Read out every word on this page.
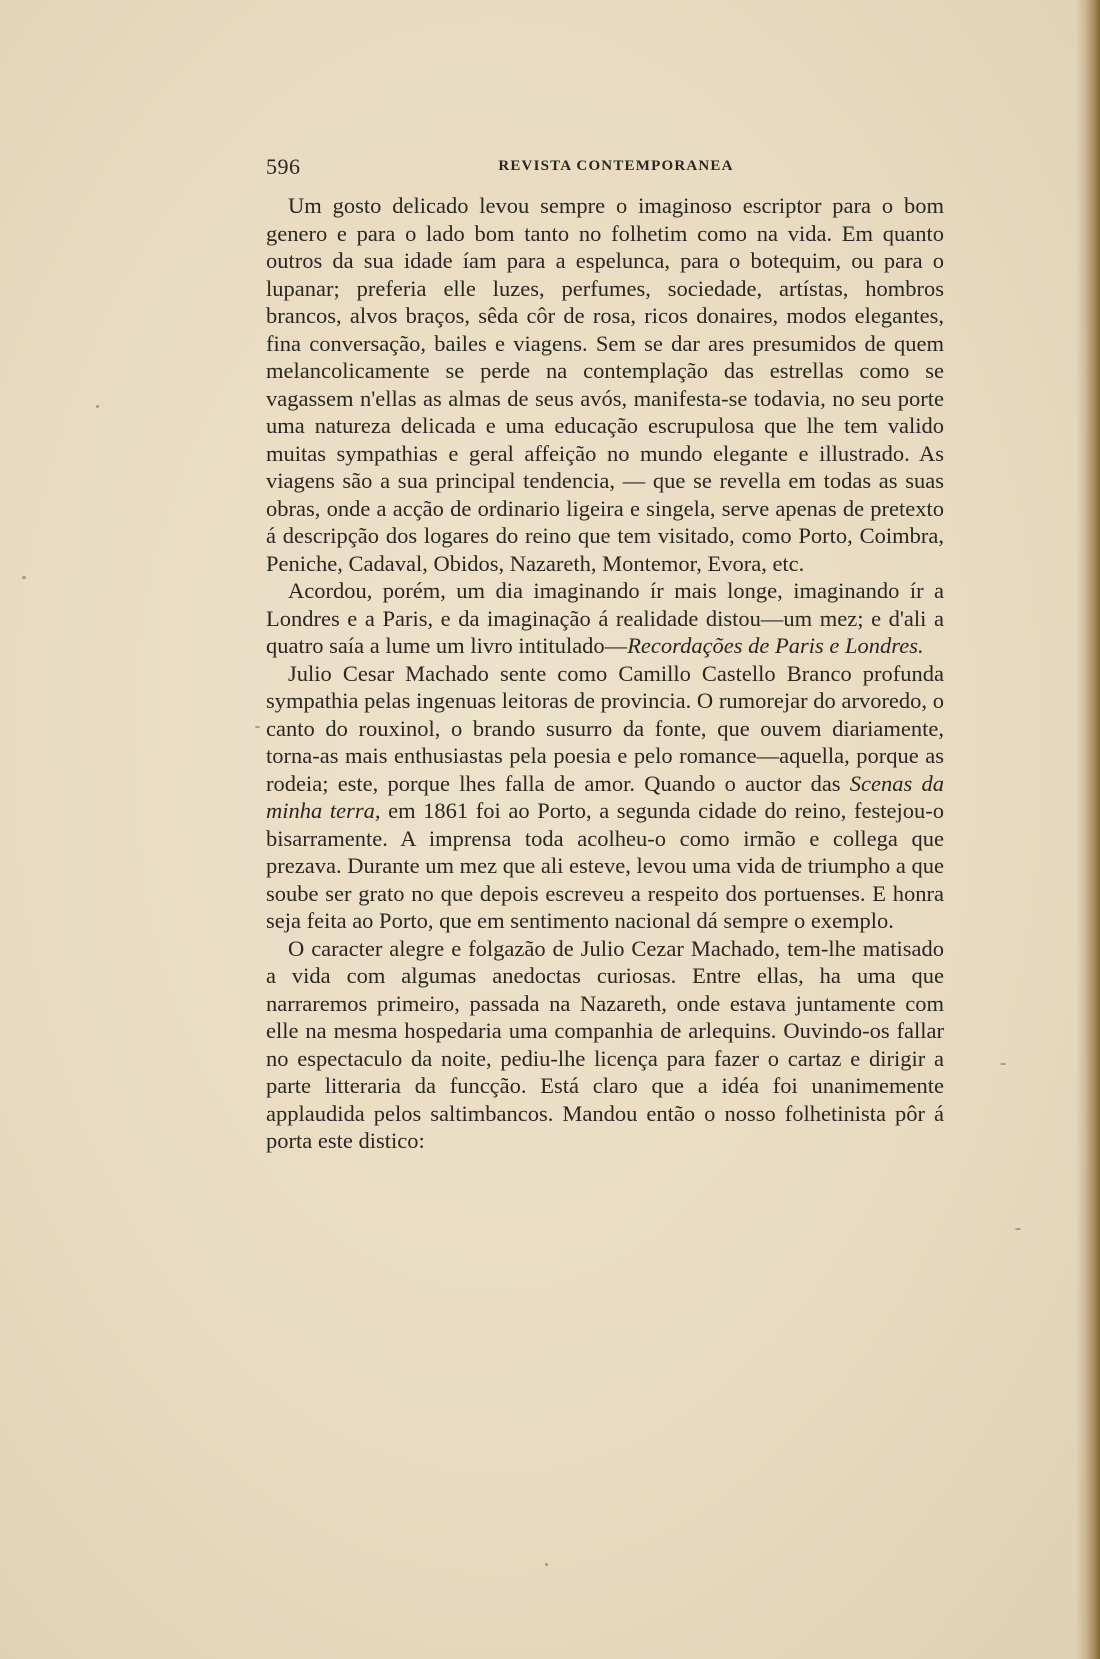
596	REVISTA CONTEMPORANEA

Um gosto delicado levou sempre o imaginoso escriptor para o bom genero e para o lado bom tanto no folhetim como na vida. Em quanto outros da sua idade íam para a espelunca, para o botequim, ou para o lupanar; preferia elle luzes, perfumes, sociedade, artístas, hombros brancos, alvos braços, sêda côr de rosa, ricos donaires, modos elegantes, fina conversação, bailes e viagens. Sem se dar ares presumidos de quem melancolicamente se perde na contemplação das estrellas como se vagassem n'ellas as almas de seus avós, manifesta-se todavia, no seu porte uma natureza delicada e uma educação escrupulosa que lhe tem valido muitas sympathias e geral affeição no mundo elegante e illustrado. As viagens são a sua principal tendencia, — que se revella em todas as suas obras, onde a acção de ordinario ligeira e singela, serve apenas de pretexto á descripção dos logares do reino que tem visitado, como Porto, Coimbra, Peniche, Cadaval, Obidos, Nazareth, Montemor, Evora, etc.

Acordou, porém, um dia imaginando ír mais longe, imaginando ír a Londres e a Paris, e da imaginação á realidade distou—um mez; e d'ali a quatro saía a lume um livro intitulado—Recordações de Paris e Londres.

Julio Cesar Machado sente como Camillo Castello Branco profunda sympathia pelas ingenuas leitoras de provincia. O rumorejar do arvoredo, o canto do rouxinol, o brando susurro da fonte, que ouvem diariamente, torna-as mais enthusiastas pela poesia e pelo romance—aquella, porque as rodeia; este, porque lhes falla de amor. Quando o auctor das Scenas da minha terra, em 1861 foi ao Porto, a segunda cidade do reino, festejou-o bisarramente. A imprensa toda acolheu-o como irmão e collega que prezava. Durante um mez que ali esteve, levou uma vida de triumpho a que soube ser grato no que depois escreveu a respeito dos portuenses. E honra seja feita ao Porto, que em sentimento nacional dá sempre o exemplo.

O caracter alegre e folgazão de Julio Cezar Machado, tem-lhe matisado a vida com algumas anedoctas curiosas. Entre ellas, ha uma que narraremos primeiro, passada na Nazareth, onde estava juntamente com elle na mesma hospedaria uma companhia de arlequins. Ouvindo-os fallar no espectaculo da noite, pediu-lhe licença para fazer o cartaz e dirigir a parte litteraria da funcção. Está claro que a idéa foi unanimemente applaudida pelos saltimbancos. Mandou então o nosso folhetinista pôr á porta este distico:
